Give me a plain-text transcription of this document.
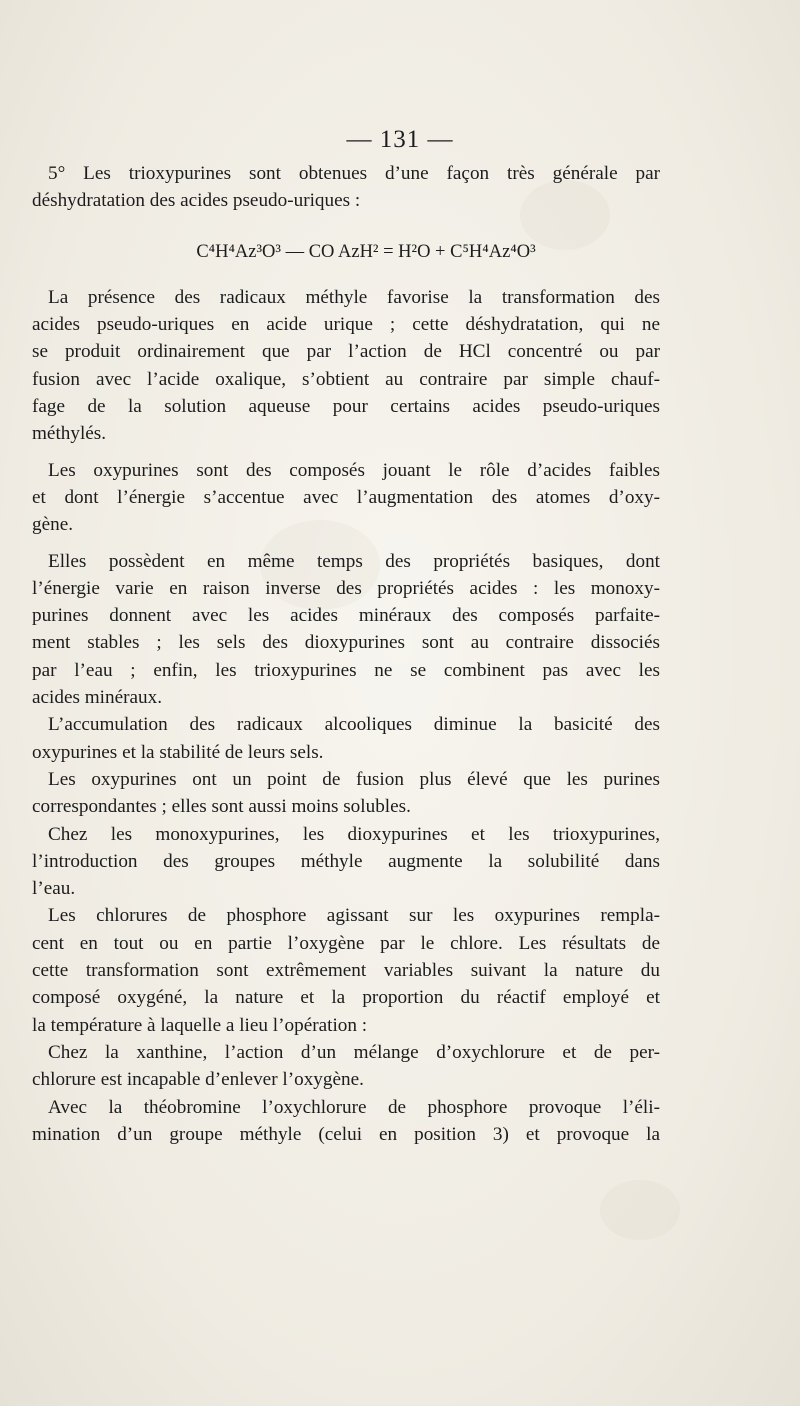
— 131 —
5° Les trioxypurines sont obtenues d’une façon très générale par
déshydratation des acides pseudo-uriques :
C⁴H⁴Az³O³ — CO AzH² = H²O + C⁵H⁴Az⁴O³
La présence des radicaux méthyle favorise la transformation des
acides pseudo-uriques en acide urique ; cette déshydratation, qui ne
se produit ordinairement que par l’action de HCl concentré ou par
fusion avec l’acide oxalique, s’obtient au contraire par simple chauf-
fage de la solution aqueuse pour certains acides pseudo-uriques
méthylés.
Les oxypurines sont des composés jouant le rôle d’acides faibles
et dont l’énergie s’accentue avec l’augmentation des atomes d’oxy-
gène.
Elles possèdent en même temps des propriétés basiques, dont
l’énergie varie en raison inverse des propriétés acides : les monoxy-
purines donnent avec les acides minéraux des composés parfaite-
ment stables ; les sels des dioxypurines sont au contraire dissociés
par l’eau ; enfin, les trioxypurines ne se combinent pas avec les
acides minéraux.
L’accumulation des radicaux alcooliques diminue la basicité des
oxypurines et la stabilité de leurs sels.
Les oxypurines ont un point de fusion plus élevé que les purines
correspondantes ; elles sont aussi moins solubles.
Chez les monoxypurines, les dioxypurines et les trioxypurines,
l’introduction des groupes méthyle augmente la solubilité dans
l’eau.
Les chlorures de phosphore agissant sur les oxypurines rempla-
cent en tout ou en partie l’oxygène par le chlore. Les résultats de
cette transformation sont extrêmement variables suivant la nature du
composé oxygéné, la nature et la proportion du réactif employé et
la température à laquelle a lieu l’opération :
Chez la xanthine, l’action d’un mélange d’oxychlorure et de per-
chlorure est incapable d’enlever l’oxygène.
Avec la théobromine l’oxychlorure de phosphore provoque l’éli-
mination d’un groupe méthyle (celui en position 3) et provoque la
